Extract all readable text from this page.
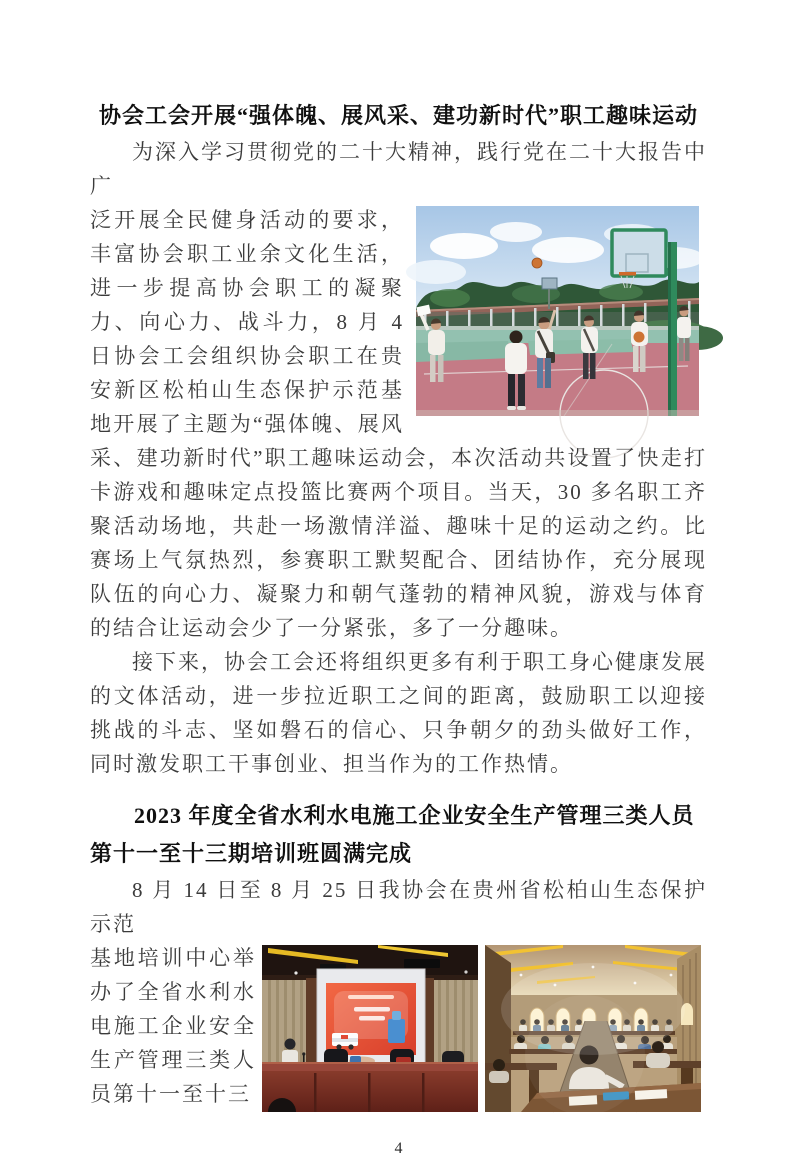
协会工会开展“强体魄、展风采、建功新时代”职工趣味运动

为深入学习贯彻党的二十大精神，践行党在二十大报告中广

泛开展全民健身活动的要求，丰富协会职工业余文化生活，进一步提高协会职工的凝聚力、向心力、战斗力，8 月 4 日协会工会组织协会职工在贵安新区松柏山生态保护示范基地开展了主题为“强体魄、展风采、建功新时代”职工趣味运动会，本次活动共设置了快走打卡游戏和趣味定点投篮比赛两个项目。当天，30 多名职工齐聚活动场地，共赴一场激情洋溢、趣味十足的运动之约。比赛场上气氛热烈，参赛职工默契配合、团结协作，充分展现队伍的向心力、凝聚力和朝气蓬勃的精神风貌，游戏与体育的结合让运动会少了一分紧张，多了一分趣味。

接下来，协会工会还将组织更多有利于职工身心健康发展的文体活动，进一步拉近职工之间的距离，鼓励职工以迎接挑战的斗志、坚如磐石的信心、只争朝夕的劲头做好工作，同时激发职工干事创业、担当作为的工作热情。

2023 年度全省水利水电施工企业安全生产管理三类人员第十一至十三期培训班圆满完成

8 月 14 日至 8 月 25 日我协会在贵州省松柏山生态保护示范

基地培训中心举办了全省水利水电施工企业安全生产管理三类人员第十一至十三
4
